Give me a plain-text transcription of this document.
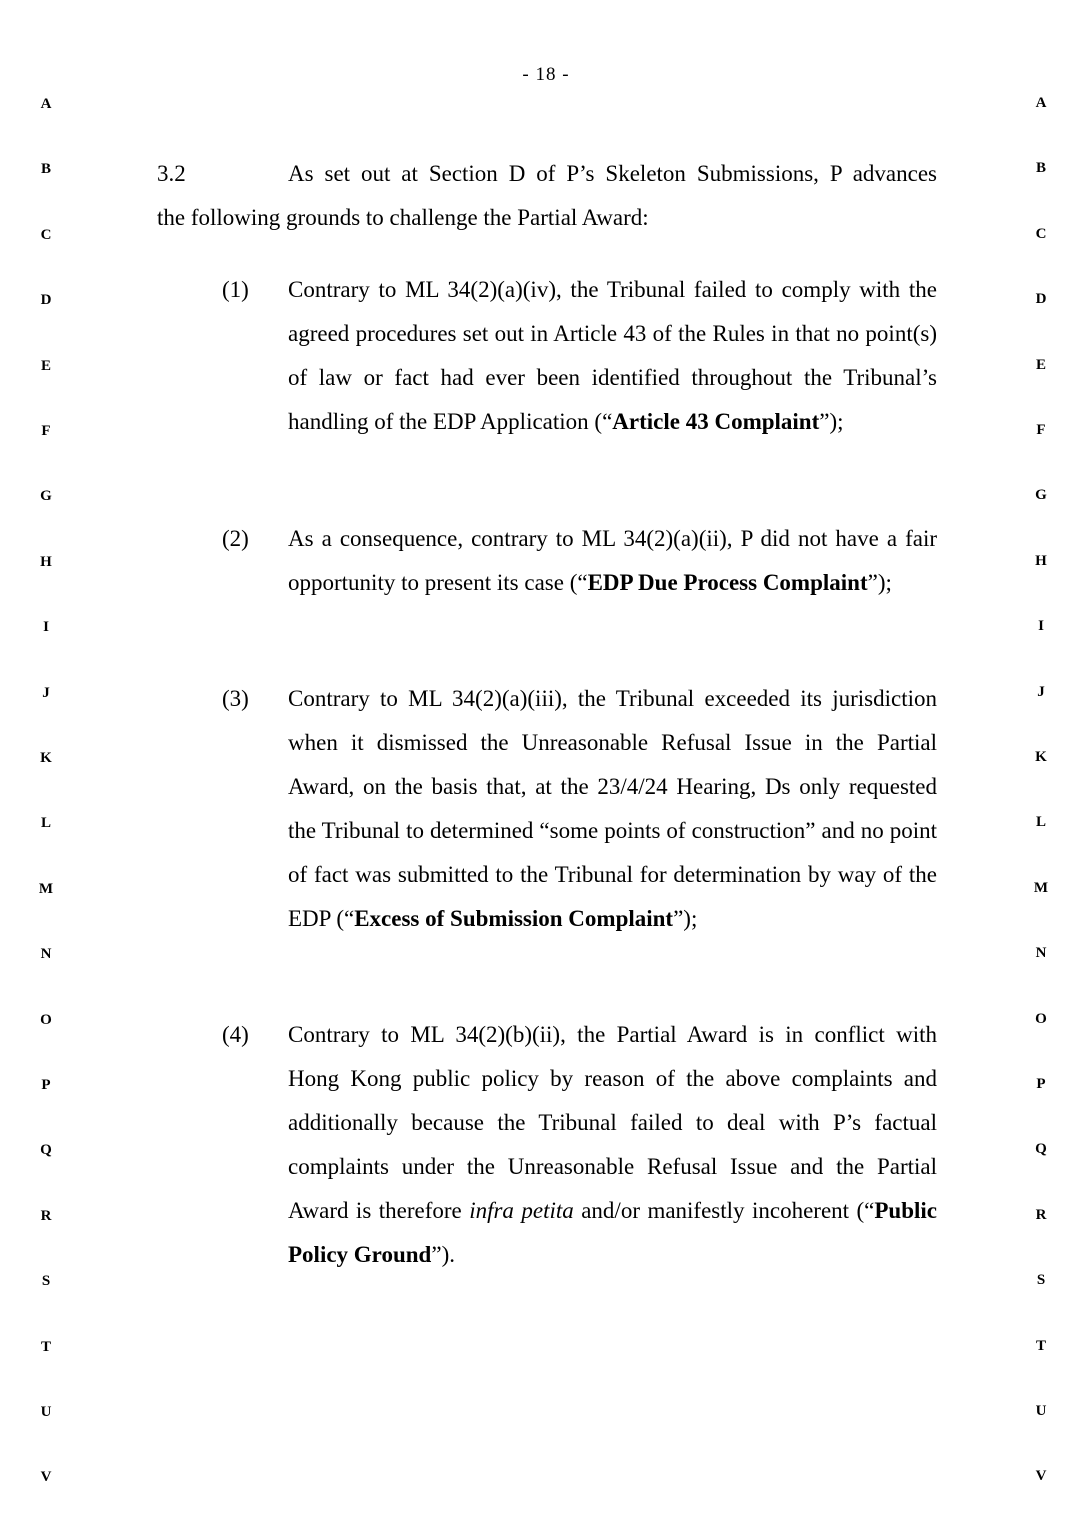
- 18 -
A	A
B	B
C	C
D	D
E	E
F	F
G	G
H	H
I	I
J	J
K	K
L	L
M	M
N	N
O	O
P	P
Q	Q
R	R
S	S
T	T
U	U
V	V
3.2	As set out at Section D of P’s Skeleton Submissions, P advances
the following grounds to challenge the Partial Award:
(1) Contrary to ML 34(2)(a)(iv), the Tribunal failed to comply with the agreed procedures set out in Article 43 of the Rules in that no point(s) of law or fact had ever been identified throughout the Tribunal’s handling of the EDP Application (“Article 43 Complaint”);
(2) As a consequence, contrary to ML 34(2)(a)(ii), P did not have a fair opportunity to present its case (“EDP Due Process Complaint”);
(3) Contrary to ML 34(2)(a)(iii), the Tribunal exceeded its jurisdiction when it dismissed the Unreasonable Refusal Issue in the Partial Award, on the basis that, at the 23/4/24 Hearing, Ds only requested the Tribunal to determined “some points of construction” and no point of fact was submitted to the Tribunal for determination by way of the EDP (“Excess of Submission Complaint”);
(4) Contrary to ML 34(2)(b)(ii), the Partial Award is in conflict with Hong Kong public policy by reason of the above complaints and additionally because the Tribunal failed to deal with P’s factual complaints under the Unreasonable Refusal Issue and the Partial Award is therefore infra petita and/or manifestly incoherent (“Public Policy Ground”).
